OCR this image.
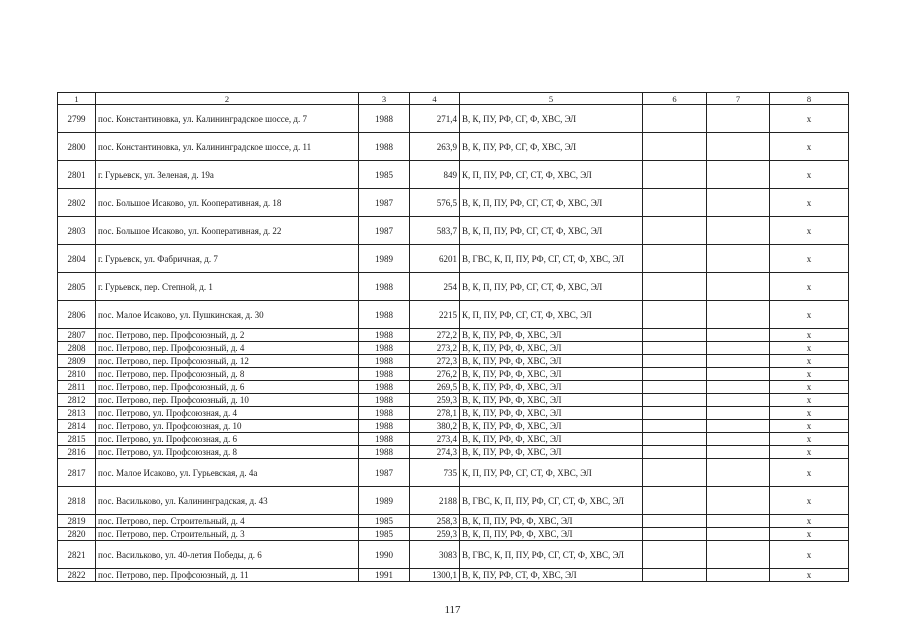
1	2	3	4	5	6	7	8
2799	пос. Константиновка, ул. Калининградское шоссе, д. 7	1988	271,4	В, К, ПУ, РФ, СГ, Ф, ХВС, ЭЛ			х
2800	пос. Константиновка, ул. Калининградское шоссе, д. 11	1988	263,9	В, К, ПУ, РФ, СГ, Ф, ХВС, ЭЛ			х
2801	г. Гурьевск, ул. Зеленая, д. 19а	1985	849	К, П, ПУ, РФ, СГ, СТ, Ф, ХВС, ЭЛ			х
2802	пос. Большое Исаково, ул. Кооперативная, д. 18	1987	576,5	В, К, П, ПУ, РФ, СГ, СТ, Ф, ХВС, ЭЛ			х
2803	пос. Большое Исаково, ул. Кооперативная, д. 22	1987	583,7	В, К, П, ПУ, РФ, СГ, СТ, Ф, ХВС, ЭЛ			х
2804	г. Гурьевск, ул. Фабричная, д. 7	1989	6201	В, ГВС, К, П, ПУ, РФ, СГ, СТ, Ф, ХВС, ЭЛ			х
2805	г. Гурьевск, пер. Степной, д. 1	1988	254	В, К, П, ПУ, РФ, СГ, СТ, Ф, ХВС, ЭЛ			х
2806	пос. Малое Исаково, ул. Пушкинская, д. 30	1988	2215	К, П, ПУ, РФ, СГ, СТ, Ф, ХВС, ЭЛ			х
2807	пос. Петрово, пер. Профсоюзный, д. 2	1988	272,2	В, К, ПУ, РФ, Ф, ХВС, ЭЛ			х
2808	пос. Петрово, пер. Профсоюзный, д. 4	1988	273,2	В, К, ПУ, РФ, Ф, ХВС, ЭЛ			х
2809	пос. Петрово, пер. Профсоюзный, д. 12	1988	272,3	В, К, ПУ, РФ, Ф, ХВС, ЭЛ			х
2810	пос. Петрово, пер. Профсоюзный, д. 8	1988	276,2	В, К, ПУ, РФ, Ф, ХВС, ЭЛ			х
2811	пос. Петрово, пер. Профсоюзный, д. 6	1988	269,5	В, К, ПУ, РФ, Ф, ХВС, ЭЛ			х
2812	пос. Петрово, пер. Профсоюзный, д. 10	1988	259,3	В, К, ПУ, РФ, Ф, ХВС, ЭЛ			х
2813	пос. Петрово, ул. Профсоюзная, д. 4	1988	278,1	В, К, ПУ, РФ, Ф, ХВС, ЭЛ			х
2814	пос. Петрово, ул. Профсоюзная, д. 10	1988	380,2	В, К, ПУ, РФ, Ф, ХВС, ЭЛ			х
2815	пос. Петрово, ул. Профсоюзная, д. 6	1988	273,4	В, К, ПУ, РФ, Ф, ХВС, ЭЛ			х
2816	пос. Петрово, ул. Профсоюзная, д. 8	1988	274,3	В, К, ПУ, РФ, Ф, ХВС, ЭЛ			х
2817	пос. Малое Исаково, ул. Гурьевская, д. 4а	1987	735	К, П, ПУ, РФ, СГ, СТ, Ф, ХВС, ЭЛ			х
2818	пос. Васильково, ул. Калининградская, д. 43	1989	2188	В, ГВС, К, П, ПУ, РФ, СГ, СТ, Ф, ХВС, ЭЛ			х
2819	пос. Петрово, пер. Строительный, д. 4	1985	258,3	В, К, П, ПУ, РФ, Ф, ХВС, ЭЛ			х
2820	пос. Петрово, пер. Строительный, д. 3	1985	259,3	В, К, П, ПУ, РФ, Ф, ХВС, ЭЛ			х
2821	пос. Васильково, ул. 40-летия Победы, д. 6	1990	3083	В, ГВС, К, П, ПУ, РФ, СГ, СТ, Ф, ХВС, ЭЛ			х
2822	пос. Петрово, пер. Профсоюзный, д. 11	1991	1300,1	В, К, ПУ, РФ, СТ, Ф, ХВС, ЭЛ			х
117
